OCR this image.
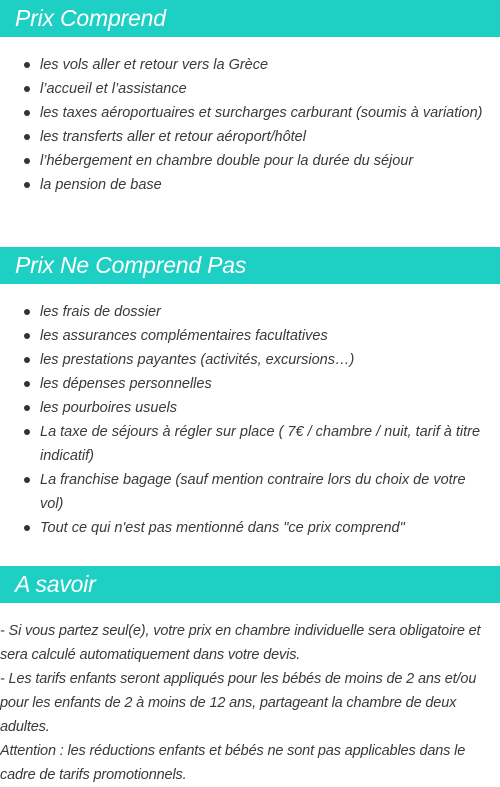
Prix Comprend
les vols aller et retour vers la Grèce
l’accueil et l’assistance
les taxes aéroportuaires et surcharges carburant (soumis à variation)
les transferts aller et retour aéroport/hôtel
l’hébergement en chambre double pour la durée du séjour
la pension de base
Prix Ne Comprend Pas
les frais de dossier
les assurances complémentaires facultatives
les prestations payantes (activités, excursions…)
les dépenses personnelles
les pourboires usuels
La taxe de séjours à régler sur place ( 7€ / chambre / nuit, tarif à titre indicatif)
La franchise bagage (sauf mention contraire lors du choix de votre vol)
Tout ce qui n'est pas mentionné dans "ce prix comprend"
A savoir

- Si vous partez seul(e), votre prix en chambre individuelle sera obligatoire et sera calculé automatiquement dans votre devis.

- Les tarifs enfants seront appliqués pour les bébés de moins de 2 ans et/ou pour les enfants de 2 à moins de 12 ans, partageant la chambre de deux adultes.

Attention : les réductions enfants et bébés ne sont pas applicables dans le cadre de tarifs promotionnels.
